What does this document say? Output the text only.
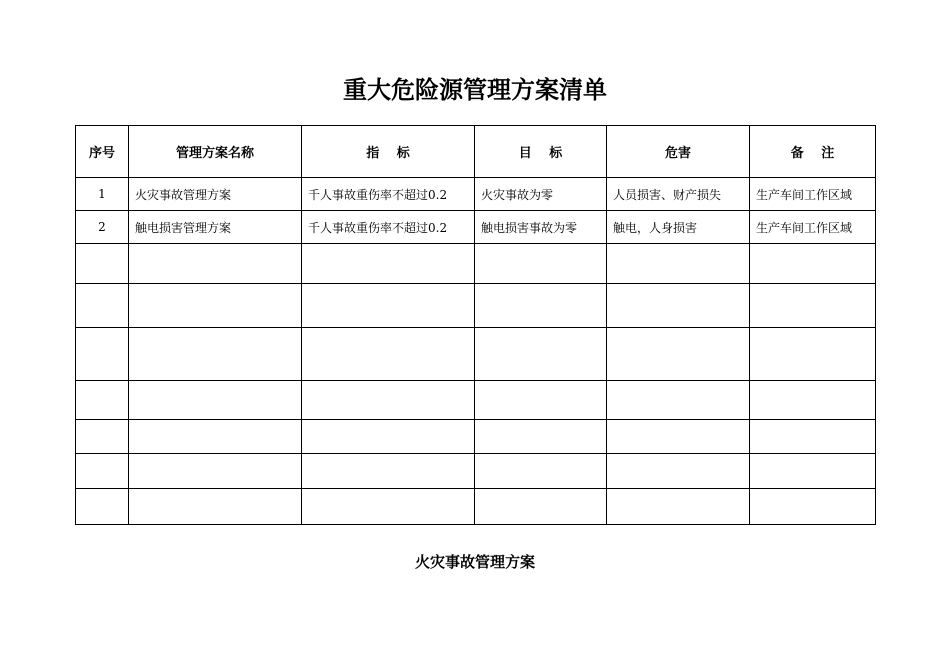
重大危险源管理方案清单
序号	管理方案名称	指　 标	目　 标	危害	备　 注
1	火灾事故管理方案	千人事故重伤率不超过0.2	火灾事故为零	人员损害、财产损失	生产车间工作区域
2	触电损害管理方案	千人事故重伤率不超过0.2	触电损害事故为零	触电，人身损害	生产车间工作区域

火灾事故管理方案
